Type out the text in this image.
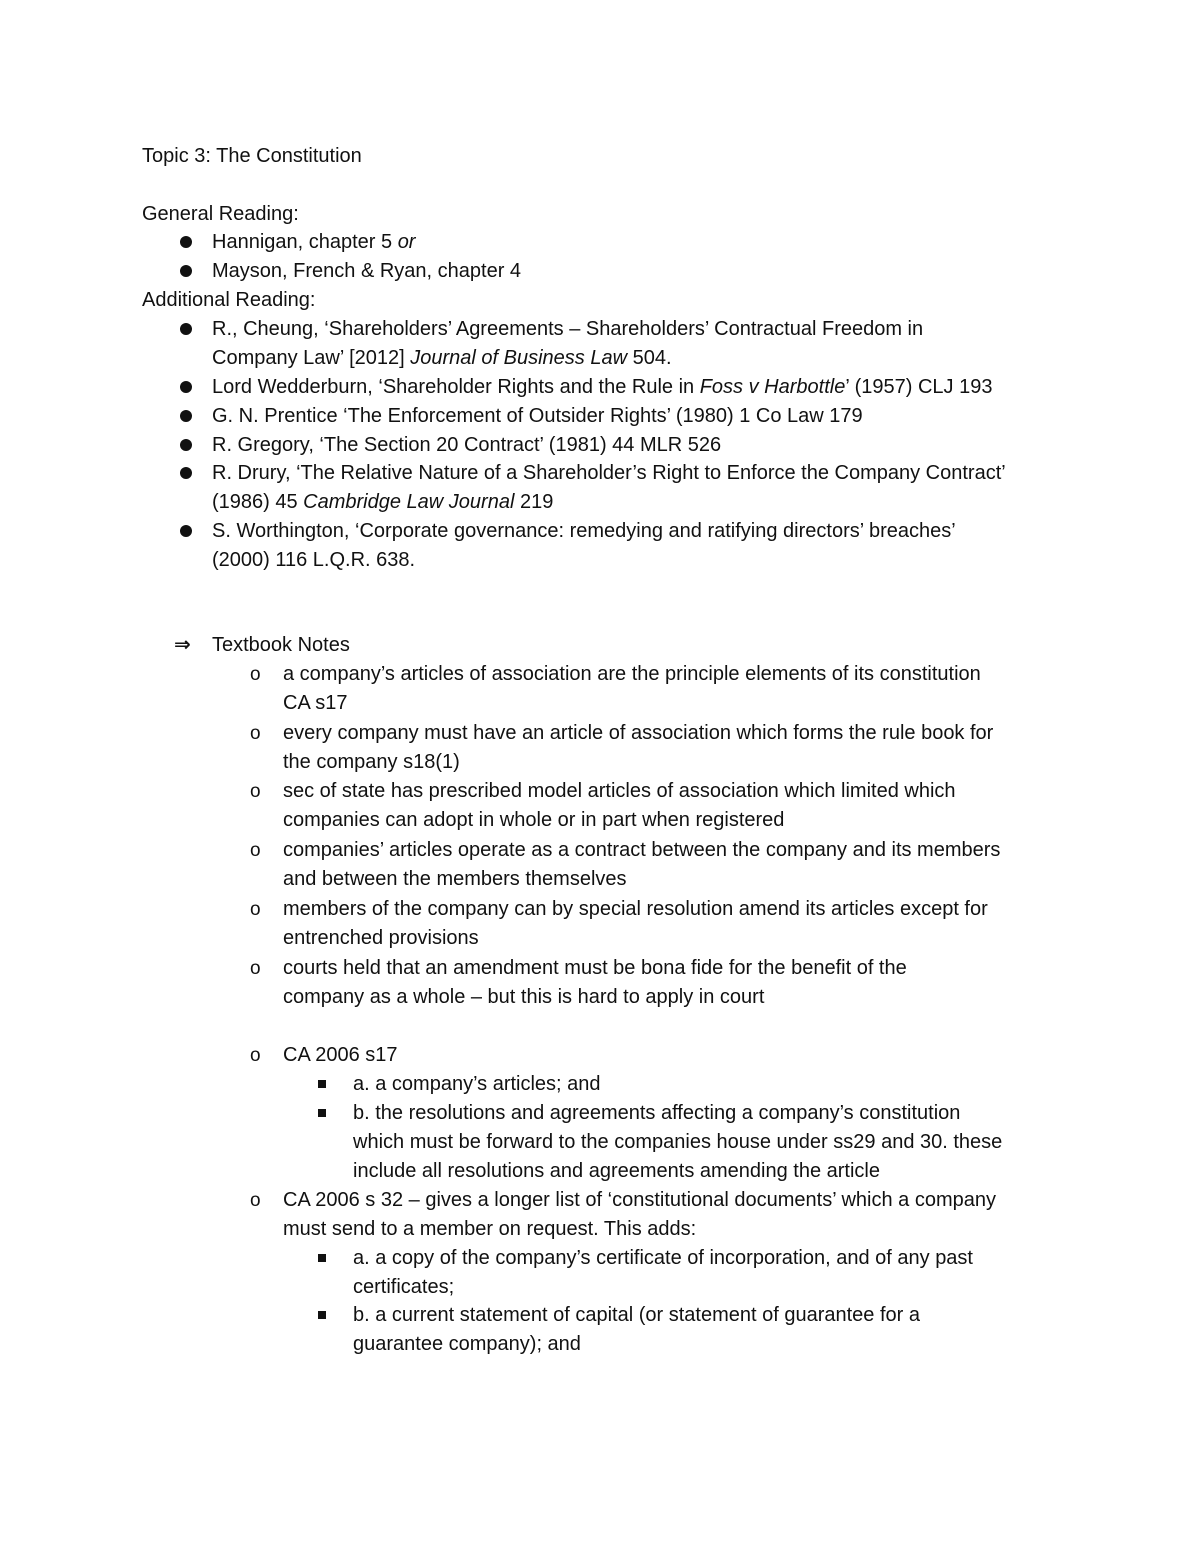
Topic 3: The Constitution
General Reading:
Hannigan, chapter 5 or
Mayson, French & Ryan, chapter 4
Additional Reading:
R., Cheung, ‘Shareholders’ Agreements – Shareholders’ Contractual Freedom in
Company Law’ [2012] Journal of Business Law 504.
Lord Wedderburn, ‘Shareholder Rights and the Rule in Foss v Harbottle’ (1957) CLJ 193
G. N. Prentice ‘The Enforcement of Outsider Rights’ (1980) 1 Co Law 179
R. Gregory, ‘The Section 20 Contract’ (1981) 44 MLR 526
R. Drury, ‘The Relative Nature of a Shareholder’s Right to Enforce the Company Contract’
(1986) 45 Cambridge Law Journal 219
S. Worthington, ‘Corporate governance: remedying and ratifying directors’ breaches’
(2000) 116 L.Q.R. 638.
⇒ Textbook Notes
o a company’s articles of association are the principle elements of its constitution
CA s17
o every company must have an article of association which forms the rule book for
the company s18(1)
o sec of state has prescribed model articles of association which limited which
companies can adopt in whole or in part when registered
o companies’ articles operate as a contract between the company and its members
and between the members themselves
o members of the company can by special resolution amend its articles except for
entrenched provisions
o courts held that an amendment must be bona fide for the benefit of the
company as a whole – but this is hard to apply in court
o CA 2006 s17
a. a company’s articles; and
b. the resolutions and agreements affecting a company’s constitution
which must be forward to the companies house under ss29 and 30. these
include all resolutions and agreements amending the article
o CA 2006 s 32 – gives a longer list of ‘constitutional documents’ which a company
must send to a member on request. This adds:
a. a copy of the company’s certificate of incorporation, and of any past
certificates;
b. a current statement of capital (or statement of guarantee for a
guarantee company); and
